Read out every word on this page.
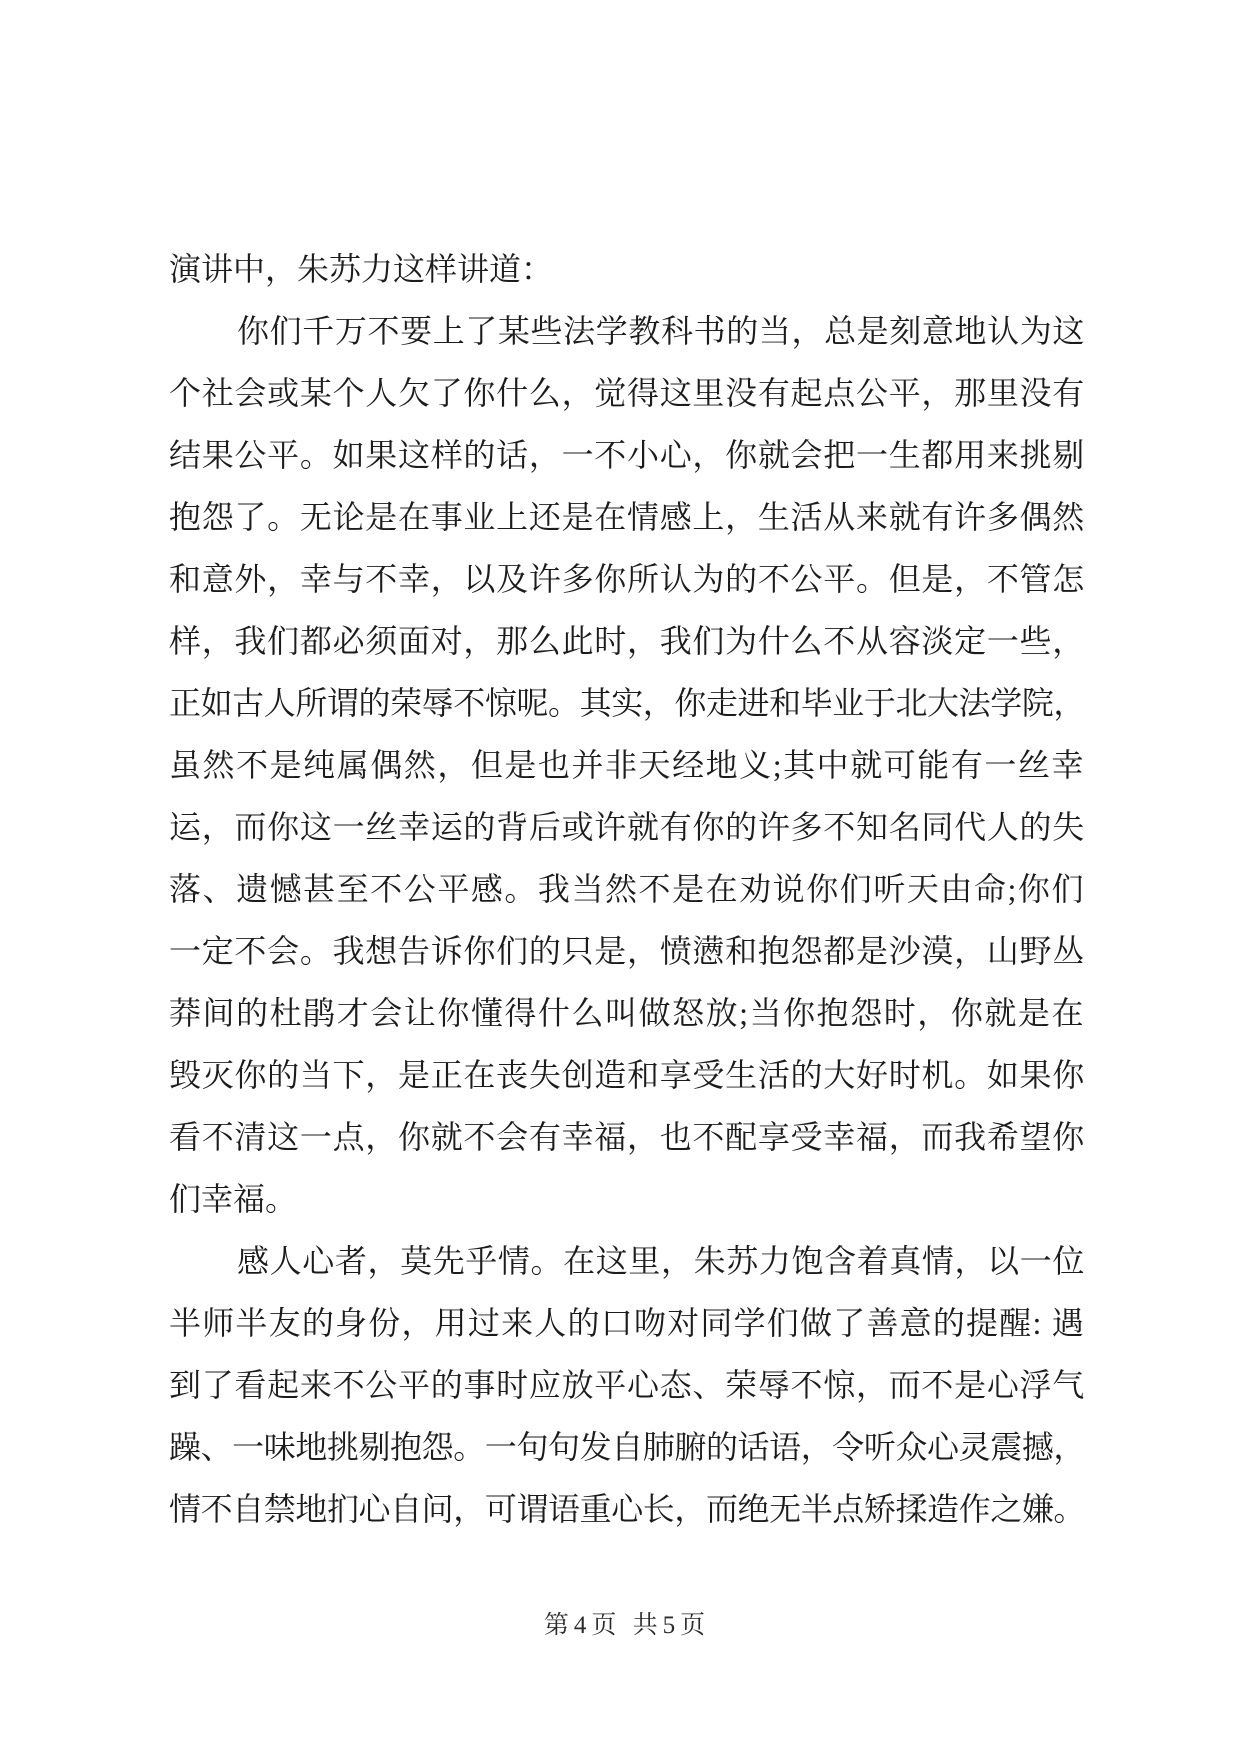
演讲中，朱苏力这样讲道：
你们千万不要上了某些法学教科书的当，总是刻意地认为这
个社会或某个人欠了你什么，觉得这里没有起点公平，那里没有
结果公平。如果这样的话，一不小心，你就会把一生都用来挑剔
抱怨了。无论是在事业上还是在情感上，生活从来就有许多偶然
和意外，幸与不幸，以及许多你所认为的不公平。但是，不管怎
样，我们都必须面对，那么此时，我们为什么不从容淡定一些，
正如古人所谓的荣辱不惊呢。其实，你走进和毕业于北大法学院，
虽然不是纯属偶然，但是也并非天经地义;其中就可能有一丝幸
运，而你这一丝幸运的背后或许就有你的许多不知名同代人的失
落、遗憾甚至不公平感。我当然不是在劝说你们听天由命;你们
一定不会。我想告诉你们的只是，愤懑和抱怨都是沙漠，山野丛
莽间的杜鹃才会让你懂得什么叫做怒放;当你抱怨时，你就是在
毁灭你的当下，是正在丧失创造和享受生活的大好时机。如果你
看不清这一点，你就不会有幸福，也不配享受幸福，而我希望你
们幸福。
感人心者，莫先乎情。在这里，朱苏力饱含着真情，以一位
半师半友的身份，用过来人的口吻对同学们做了善意的提醒: 遇
到了看起来不公平的事时应放平心态、荣辱不惊，而不是心浮气
躁、一味地挑剔抱怨。一句句发自肺腑的话语，令听众心灵震撼，
情不自禁地扪心自问，可谓语重心长，而绝无半点矫揉造作之嫌。
第4页 共5页
